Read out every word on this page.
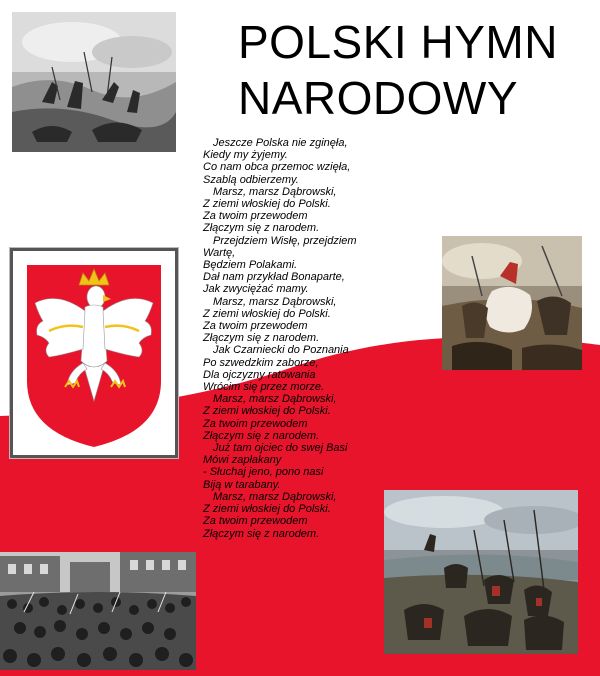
POLSKI HYMN
NARODOWY
Jeszcze Polska nie zginęła,
Kiedy my żyjemy.
Co nam obca przemoc wzięła,
Szablą odbierzemy.
Marsz, marsz Dąbrowski,
Z ziemi włoskiej do Polski.
Za twoim przewodem
Złączym się z narodem.
Przejdziem Wisłę, przejdziem
Wartę,
Będziem Polakami.
Dał nam przykład Bonaparte,
Jak zwyciężać mamy.
Marsz, marsz Dąbrowski,
Z ziemi włoskiej do Polski.
Za twoim przewodem
Złączym się z narodem.
Jak Czarniecki do Poznania
Po szwedzkim zaborze,
Dla ojczyzny ratowania
Wrócim się przez morze.
Marsz, marsz Dąbrowski,
Z ziemi włoskiej do Polski.
Za twoim przewodem
Złączym się z narodem.
Już tam ojciec do swej Basi
Mówi zapłakany
- Słuchaj jeno, pono nasi
Biją w tarabany.
Marsz, marsz Dąbrowski,
Z ziemi włoskiej do Polski.
Za twoim przewodem
Złączym się z narodem.
